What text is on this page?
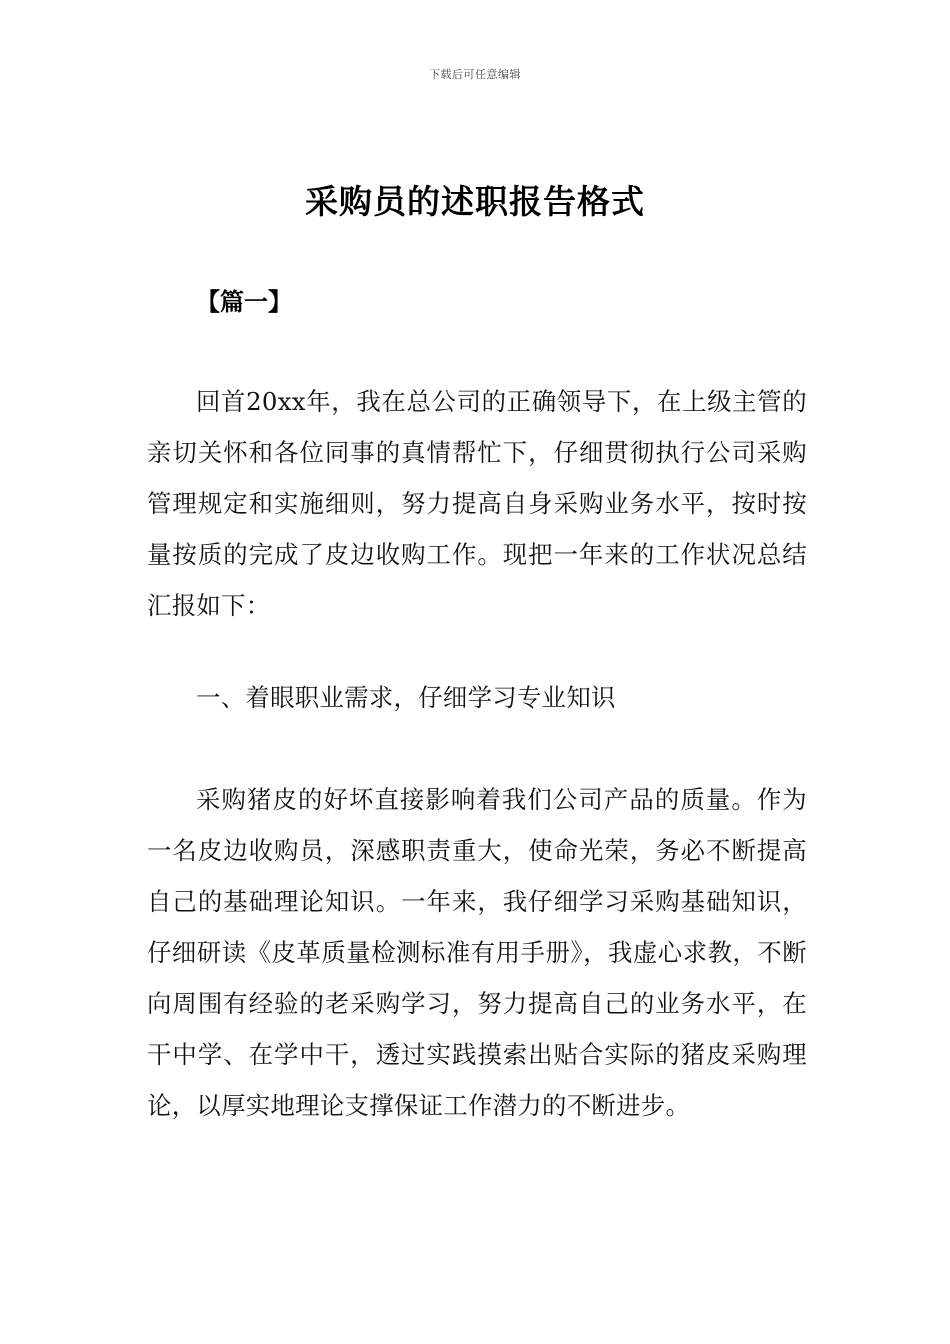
下载后可任意编辑
采购员的述职报告格式
【篇一】

回首20xx年，我在总公司的正确领导下，在上级主管的亲切关怀和各位同事的真情帮忙下，仔细贯彻执行公司采购管理规定和实施细则，努力提高自身采购业务水平，按时按量按质的完成了皮边收购工作。现把一年来的工作状况总结汇报如下：

一、着眼职业需求，仔细学习专业知识

采购猪皮的好坏直接影响着我们公司产品的质量。作为一名皮边收购员，深感职责重大，使命光荣，务必不断提高自己的基础理论知识。一年来，我仔细学习采购基础知识，仔细研读《皮革质量检测标准有用手册》，我虚心求教，不断向周围有经验的老采购学习，努力提高自己的业务水平，在干中学、在学中干，透过实践摸索出贴合实际的猪皮采购理论，以厚实地理论支撑保证工作潜力的不断进步。
